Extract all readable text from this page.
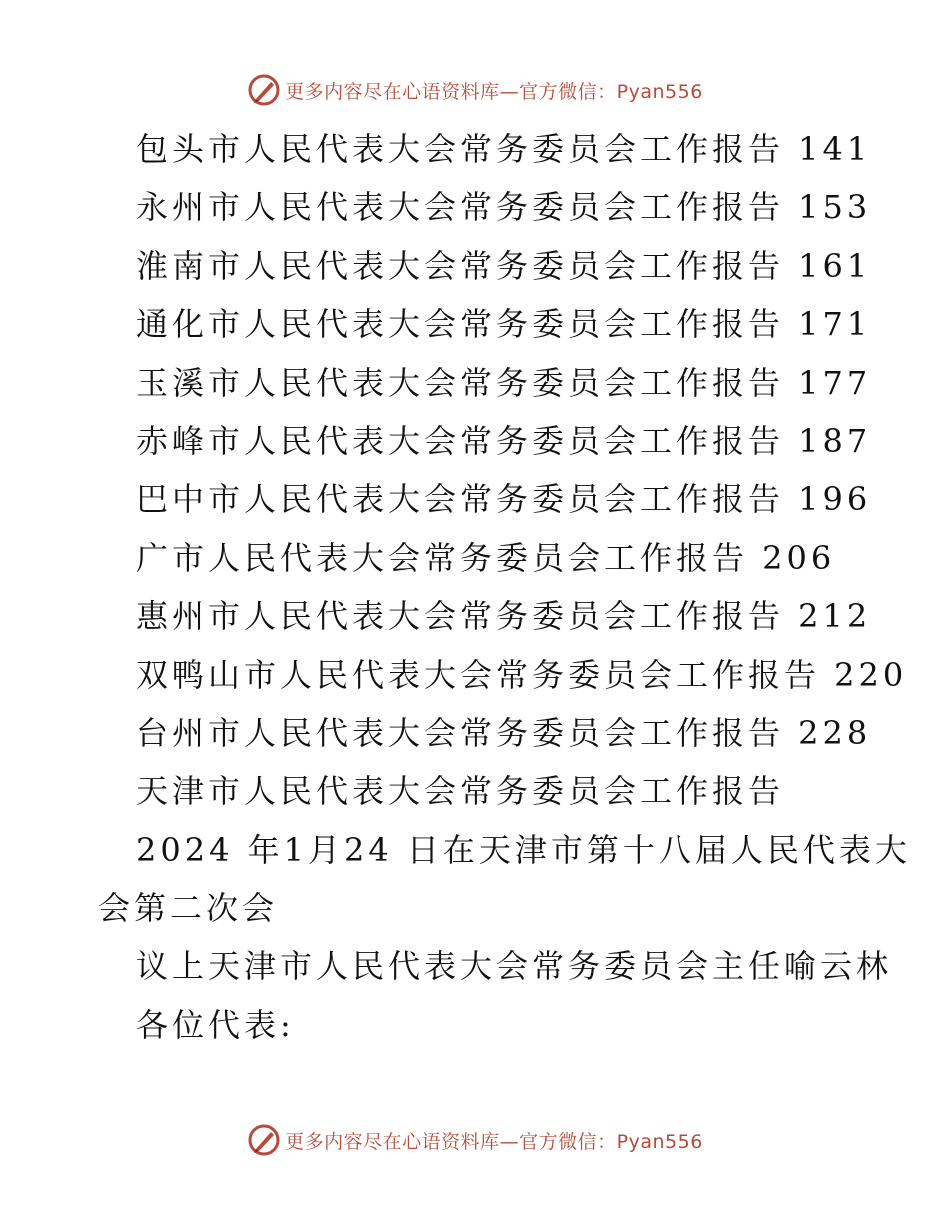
更多内容尽在心语资料库—官方微信：Pyan556
包头市人民代表大会常务委员会工作报告 141
永州市人民代表大会常务委员会工作报告 153
淮南市人民代表大会常务委员会工作报告 161
通化市人民代表大会常务委员会工作报告 171
玉溪市人民代表大会常务委员会工作报告 177
赤峰市人民代表大会常务委员会工作报告 187
巴中市人民代表大会常务委员会工作报告 196
广市人民代表大会常务委员会工作报告 206
惠州市人民代表大会常务委员会工作报告 212
双鸭山市人民代表大会常务委员会工作报告 220
台州市人民代表大会常务委员会工作报告 228
天津市人民代表大会常务委员会工作报告
2024 年1月24 日在天津市第十八届人民代表大
会第二次会
议上天津市人民代表大会常务委员会主任喻云林
各位代表:
更多内容尽在心语资料库—官方微信：Pyan556
